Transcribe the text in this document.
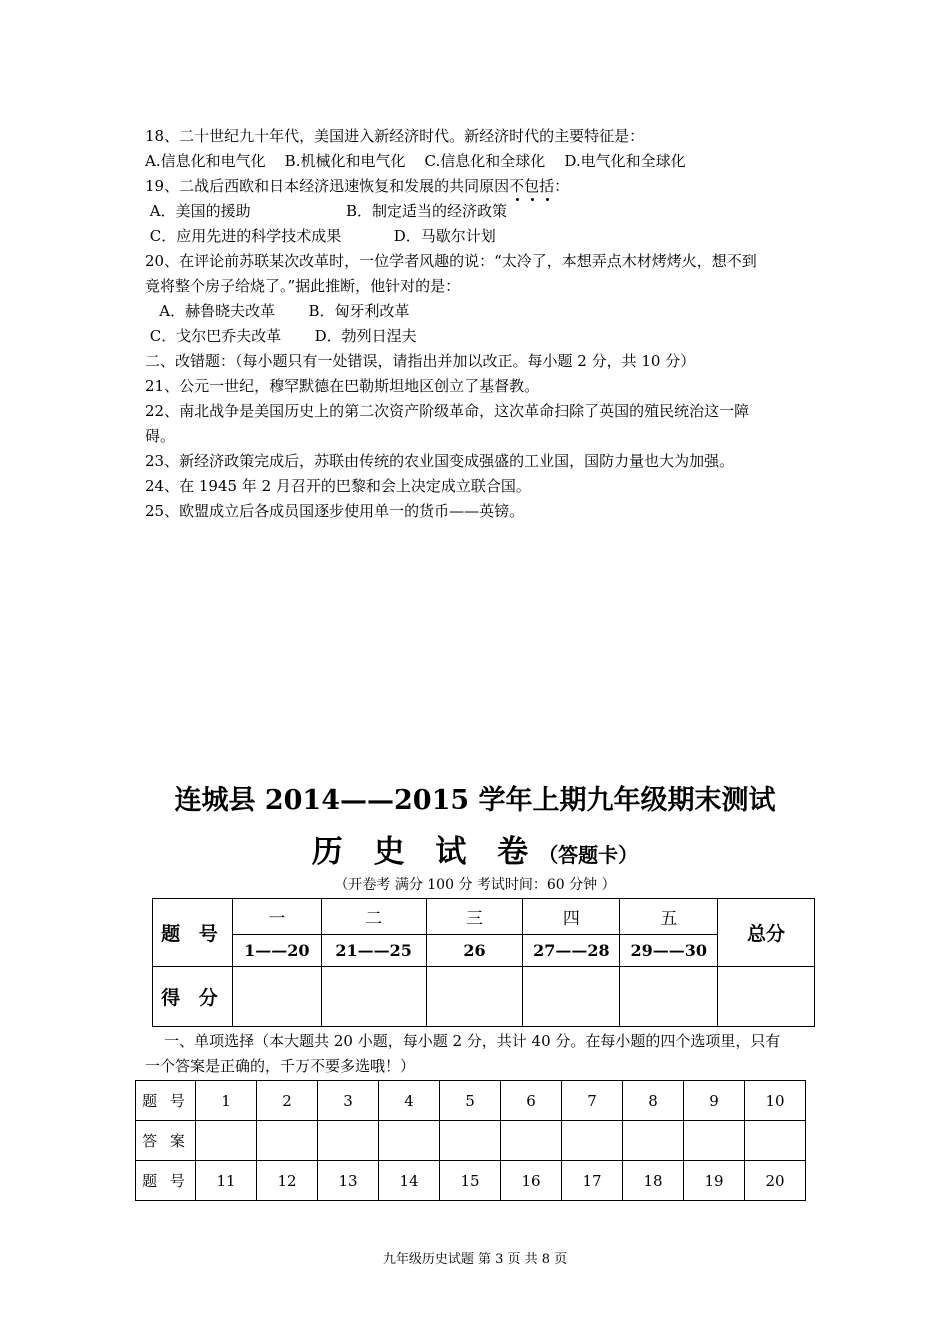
18、二十世纪九十年代，美国进入新经济时代。新经济时代的主要特征是：
A.信息化和电气化    B.机械化和电气化    C.信息化和全球化    D.电气化和全球化
19、二战后西欧和日本经济迅速恢复和发展的共同原因不包括：
A．美国的援助                    B．制定适当的经济政策
C．应用先进的科学技术成果           D．马歇尔计划
20、在评论前苏联某次改革时，一位学者风趣的说：“太冷了，本想弄点木材烤烤火，想不到
竟将整个房子给烧了。”据此推断，他针对的是：
A．赫鲁晓夫改革       B．匈牙利改革
C．戈尔巴乔夫改革       D．勃列日涅夫
二、改错题：（每小题只有一处错误，请指出并加以改正。每小题 2 分，共 10 分）
21、公元一世纪，穆罕默德在巴勒斯坦地区创立了基督教。
22、南北战争是美国历史上的第二次资产阶级革命，这次革命扫除了英国的殖民统治这一障
碍。
23、新经济政策完成后，苏联由传统的农业国变成强盛的工业国，国防力量也大为加强。
24、在 1945 年 2 月召开的巴黎和会上决定成立联合国。
25、欧盟成立后各成员国逐步使用单一的货币——英镑。
连城县 2014——2015 学年上期九年级期末测试
历 史 试 卷（答题卡）
（开卷考 满分 100 分 考试时间：60 分钟 ）
题 号	一	二	三	四	五	总分
	1——20	21——25	26	27——28	29——30	
得 分						
一、单项选择（本大题共 20 小题，每小题 2 分，共计 40 分。在每小题的四个选项里，只有
一个答案是正确的，千万不要多选哦！）
题 号	1	2	3	4	5	6	7	8	9	10
答 案										
题 号	11	12	13	14	15	16	17	18	19	20
九年级历史试题 第 3 页 共 8 页
